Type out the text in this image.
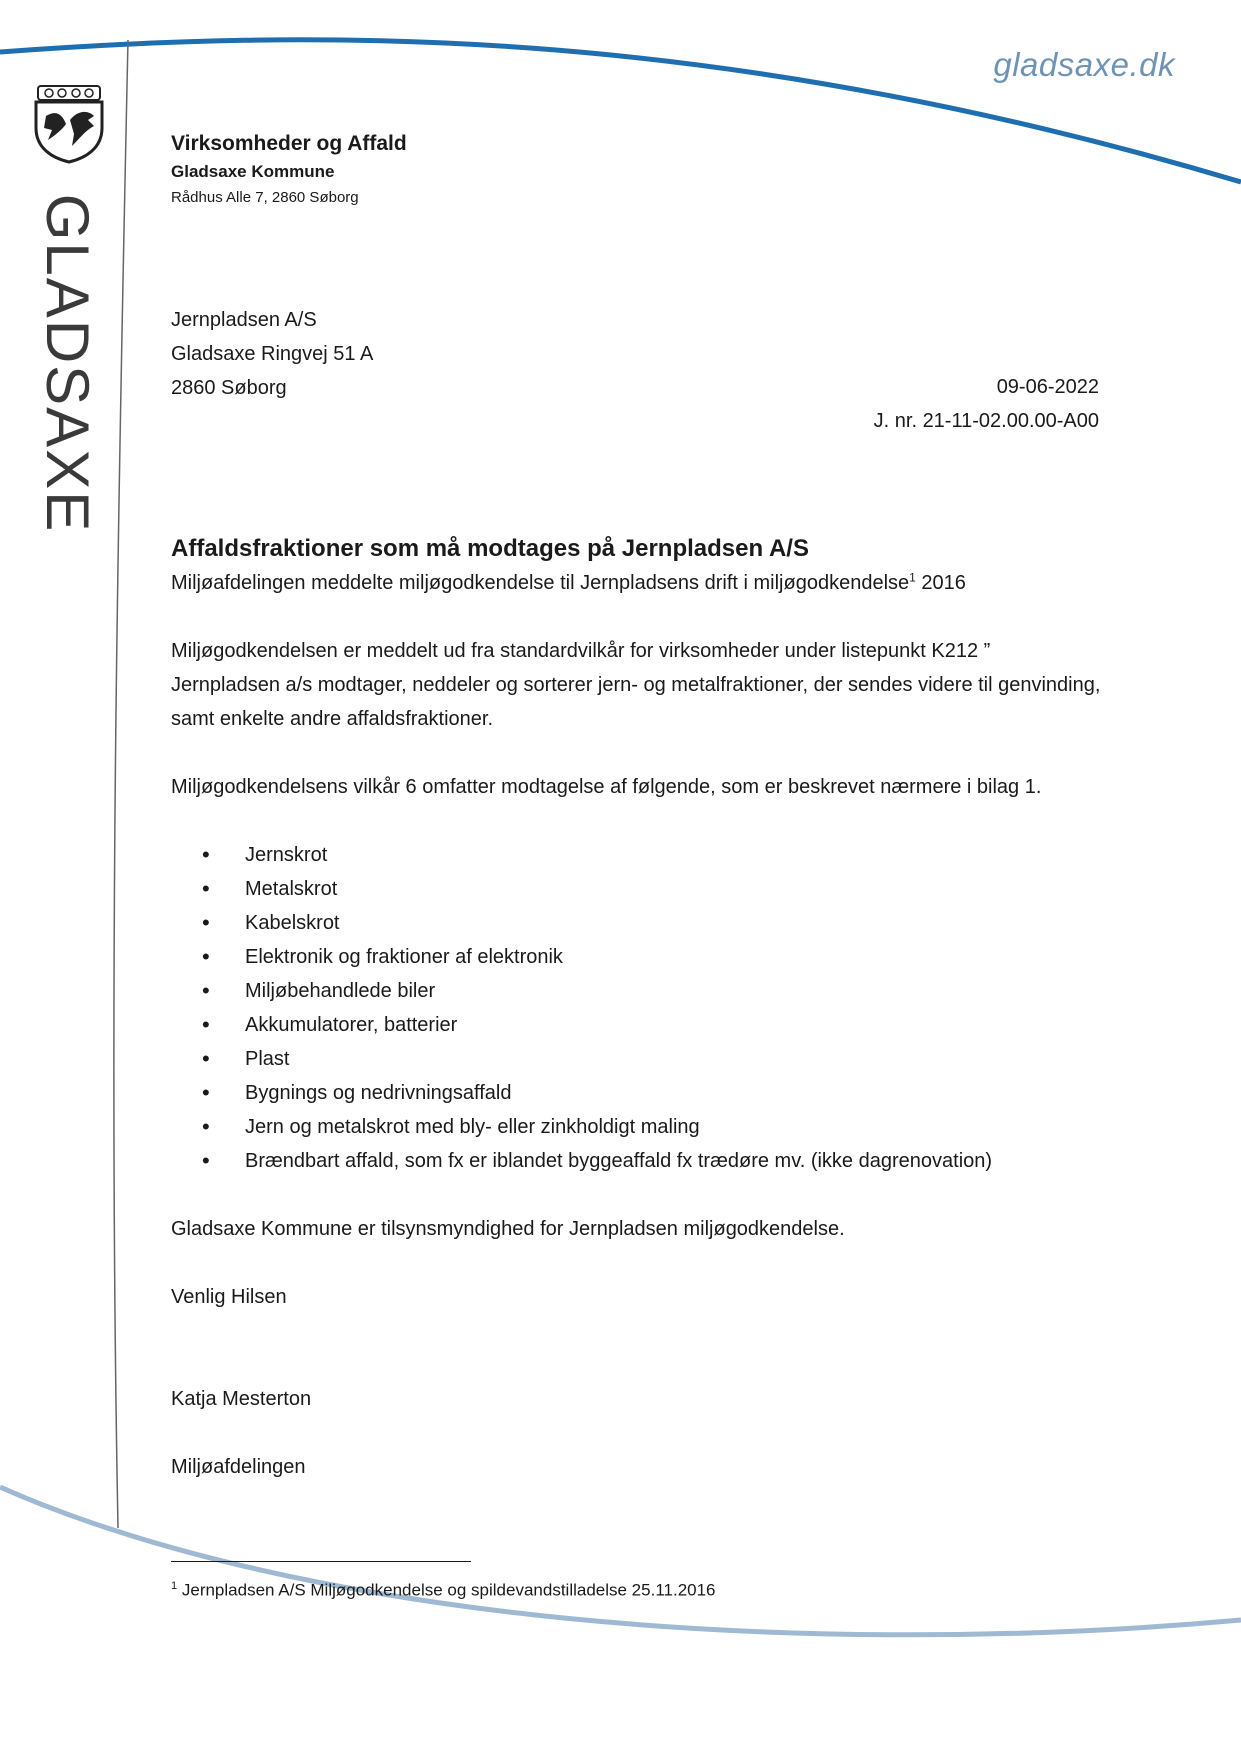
gladsaxe.dk
GLADSAXE
Virksomheder og Affald
Gladsaxe Kommune
Rådhus Alle 7, 2860 Søborg
Jernpladsen A/S
Gladsaxe Ringvej 51 A
2860 Søborg	09-06-2022
J. nr. 21-11-02.00.00-A00
Affaldsfraktioner som må modtages på Jernpladsen A/S

Miljøafdelingen meddelte miljøgodkendelse til Jernpladsens drift i miljøgodkendelse$^1$ 2016

Miljøgodkendelsen er meddelt ud fra standardvilkår for virksomheder under listepunkt K212 ” Jernpladsen a/s modtager, neddeler og sorterer jern- og metalfraktioner, der sendes videre til genvinding, samt enkelte andre affaldsfraktioner.

Miljøgodkendelsens vilkår 6 omfatter modtagelse af følgende, som er beskrevet nærmere i bilag 1.

• Jernskrot
• Metalskrot
• Kabelskrot
• Elektronik og fraktioner af elektronik
• Miljøbehandlede biler
• Akkumulatorer, batterier
• Plast
• Bygnings og nedrivningsaffald
• Jern og metalskrot med bly- eller zinkholdigt maling
• Brændbart affald, som fx er iblandet byggeaffald fx trædøre mv. (ikke dagrenovation)

Gladsaxe Kommune er tilsynsmyndighed for Jernpladsen miljøgodkendelse.

Venlig Hilsen

Katja Mesterton

Miljøafdelingen

$^1$ Jernpladsen A/S Miljøgodkendelse og spildevandstilladelse 25.11.2016
